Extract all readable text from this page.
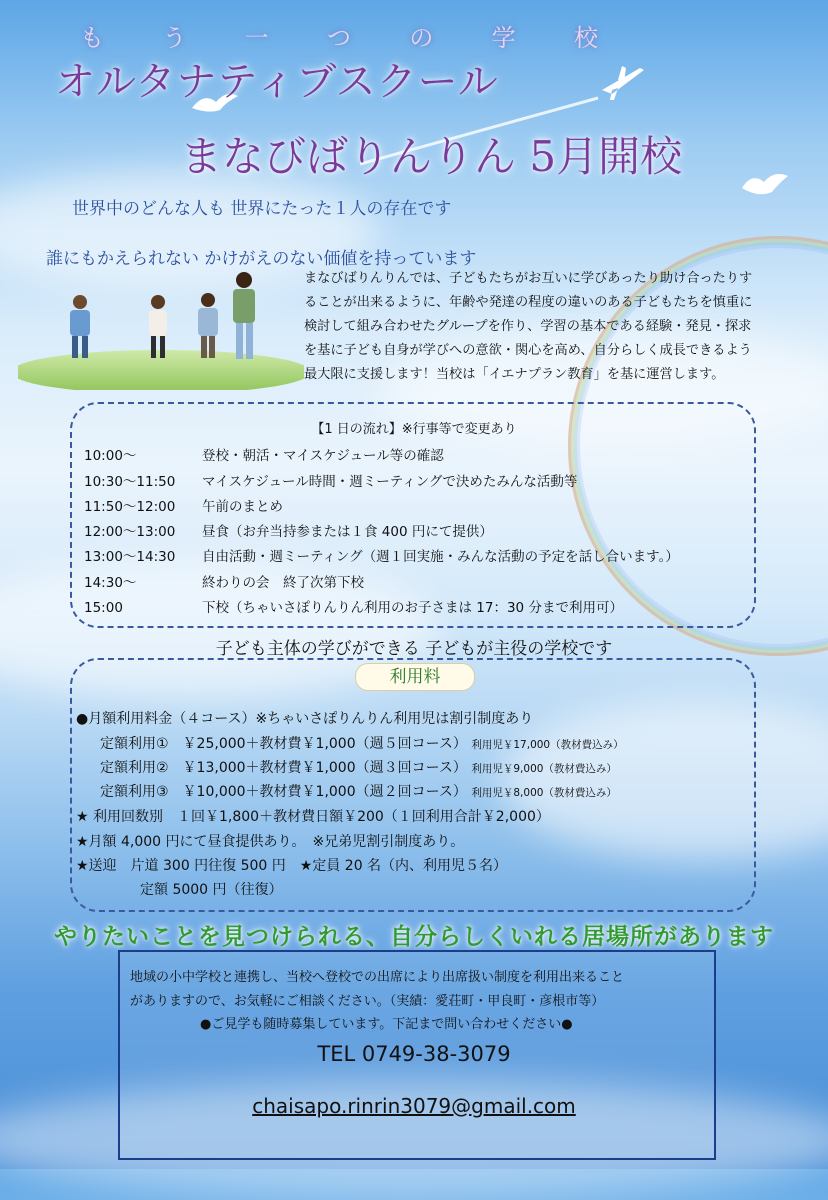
も う 一 つ の 学 校
オルタナティブスクール
まなびばりんりん 5月開校
世界中のどんな人も 世界にたった１人の存在です
誰にもかえられない かけがえのない価値を持っています
まなびばりんりんでは、子どもたちがお互いに学びあったり助け合ったりす
ることが出来るように、年齢や発達の程度の違いのある子どもたちを慎重に
検討して組み合わせたグループを作り、学習の基本である経験・発見・探求
を基に子ども自身が学びへの意欲・関心を高め、自分らしく成長できるよう
最大限に支援します！当校は「イエナプラン教育」を基に運営します。
【1 日の流れ】※行事等で変更あり
10:00～	登校・朝活・マイスケジュール等の確認
10:30～11:50 マイスケジュール時間・週ミーティングで決めたみんな活動等
11:50～12:00 午前のまとめ
12:00～13:00 昼食（お弁当持参または１食 400 円にて提供）
13:00～14:30 自由活動・週ミーティング（週１回実施・みんな活動の予定を話し合います。）
14:30～	終わりの会　終了次第下校
15:00	下校（ちゃいさぽりんりん利用のお子さまは 17：30 分まで利用可）
子ども主体の学びができる 子どもが主役の学校です
利用料
●月額利用料金（４コース）※ちゃいさぽりんりん利用児は割引制度あり
定額利用①　￥25,000＋教材費￥1,000（週５回コース） 利用児￥17,000（教材費込み）
定額利用②　￥13,000＋教材費￥1,000（週３回コース） 利用児￥9,000（教材費込み）
定額利用③　￥10,000＋教材費￥1,000（週２回コース） 利用児￥8,000（教材費込み）
★ 利用回数別　１回￥1,800＋教材費日額￥200（１回利用合計￥2,000）
★月額 4,000 円にて昼食提供あり。　※兄弟児割引制度あり。
★送迎　片道 300 円往復 500 円　★定員 20 名（内、利用児５名）
定額 5000 円（往復）
やりたいことを見つけられる、自分らしくいれる居場所があります
地域の小中学校と連携し、当校へ登校での出席により出席扱い制度を利用出来ること
がありますので、お気軽にご相談ください。（実績：愛荘町・甲良町・彦根市等）
●ご見学も随時募集しています。下記まで問い合わせください●
TEL 0749-38-3079
chaisapo.rinrin3079@gmail.com
